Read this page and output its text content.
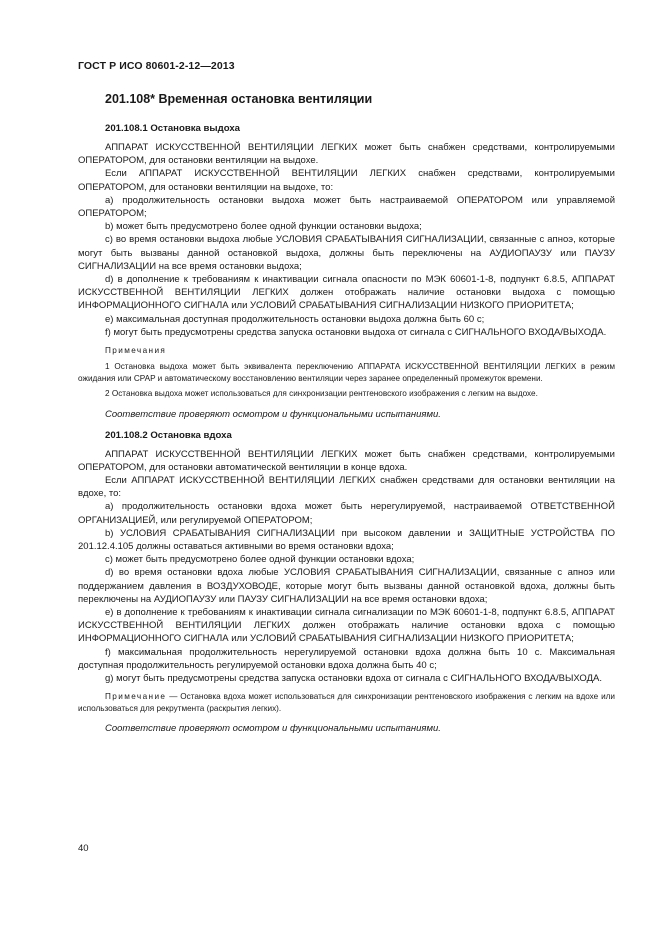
ГОСТ Р ИСО 80601-2-12—2013
201.108* Временная остановка вентиляции
201.108.1 Остановка выдоха

АППАРАТ ИСКУССТВЕННОЙ ВЕНТИЛЯЦИИ ЛЕГКИХ может быть снабжен средствами, контролируемыми ОПЕРАТОРОМ, для остановки вентиляции на выдохе.

Если АППАРАТ ИСКУССТВЕННОЙ ВЕНТИЛЯЦИИ ЛЕГКИХ снабжен средствами, контролируемыми ОПЕРАТОРОМ, для остановки вентиляции на выдохе, то:

a) продолжительность остановки выдоха может быть настраиваемой ОПЕРАТОРОМ или управляемой ОПЕРАТОРОМ;

b) может быть предусмотрено более одной функции остановки выдоха;

c) во время остановки выдоха любые УСЛОВИЯ СРАБАТЫВАНИЯ СИГНАЛИЗАЦИИ, связанные с апноэ, которые могут быть вызваны данной остановкой выдоха, должны быть переключены на АУДИОПАУЗУ или ПАУЗУ СИГНАЛИЗАЦИИ на все время остановки выдоха;

d) в дополнение к требованиям к инактивации сигнала опасности по МЭК 60601-1-8, подпункт 6.8.5, АППАРАТ ИСКУССТВЕННОЙ ВЕНТИЛЯЦИИ ЛЕГКИХ должен отображать наличие остановки выдоха с помощью ИНФОРМАЦИОННОГО СИГНАЛА или УСЛОВИЙ СРАБАТЫВАНИЯ СИГНАЛИЗАЦИИ НИЗКОГО ПРИОРИТЕТА;

e) максимальная доступная продолжительность остановки выдоха должна быть 60 с;

f) могут быть предусмотрены средства запуска остановки выдоха от сигнала с СИГНАЛЬНОГО ВХОДА/ВЫХОДА.

Примечания

1 Остановка выдоха может быть эквивалента переключению АППАРАТА ИСКУССТВЕННОЙ ВЕНТИЛЯЦИИ ЛЕГКИХ в режим ожидания или CPAP и автоматическому восстановлению вентиляции через заранее определенный промежуток времени.

2 Остановка выдоха может использоваться для синхронизации рентгеновского изображения с легким на выдохе.

Соответствие проверяют осмотром и функциональными испытаниями.
201.108.2 Остановка вдоха

АППАРАТ ИСКУССТВЕННОЙ ВЕНТИЛЯЦИИ ЛЕГКИХ может быть снабжен средствами, контролируемыми ОПЕРАТОРОМ, для остановки автоматической вентиляции в конце вдоха.

Если АППАРАТ ИСКУССТВЕННОЙ ВЕНТИЛЯЦИИ ЛЕГКИХ снабжен средствами для остановки вентиляции на вдохе, то:

a) продолжительность остановки вдоха может быть нерегулируемой, настраиваемой ОТВЕТСТВЕННОЙ ОРГАНИЗАЦИЕЙ, или регулируемой ОПЕРАТОРОМ;

b) УСЛОВИЯ СРАБАТЫВАНИЯ СИГНАЛИЗАЦИИ при высоком давлении и ЗАЩИТНЫЕ УСТРОЙСТВА ПО 201.12.4.105 должны оставаться активными во время остановки вдоха;

c) может быть предусмотрено более одной функции остановки вдоха;

d) во время остановки вдоха любые УСЛОВИЯ СРАБАТЫВАНИЯ СИГНАЛИЗАЦИИ, связанные с апноэ или поддержанием давления в ВОЗДУХОВОДЕ, которые могут быть вызваны данной остановкой вдоха, должны быть переключены на АУДИОПАУЗУ или ПАУЗУ СИГНАЛИЗАЦИИ на все время остановки вдоха;

e) в дополнение к требованиям к инактивации сигнала сигнализации по МЭК 60601-1-8, подпункт 6.8.5, АППАРАТ ИСКУССТВЕННОЙ ВЕНТИЛЯЦИИ ЛЕГКИХ должен отображать наличие остановки вдоха с помощью ИНФОРМАЦИОННОГО СИГНАЛА или УСЛОВИЙ СРАБАТЫВАНИЯ СИГНАЛИЗАЦИИ НИЗКОГО ПРИОРИТЕТА;

f) максимальная продолжительность нерегулируемой остановки вдоха должна быть 10 с. Максимальная доступная продолжительность регулируемой остановки вдоха должна быть 40 с;

g) могут быть предусмотрены средства запуска остановки вдоха от сигнала с СИГНАЛЬНОГО ВХОДА/ВЫХОДА.

Примечание — Остановка вдоха может использоваться для синхронизации рентгеновского изображения с легким на вдохе или использоваться для рекрутмента (раскрытия легких).

Соответствие проверяют осмотром и функциональными испытаниями.
40
